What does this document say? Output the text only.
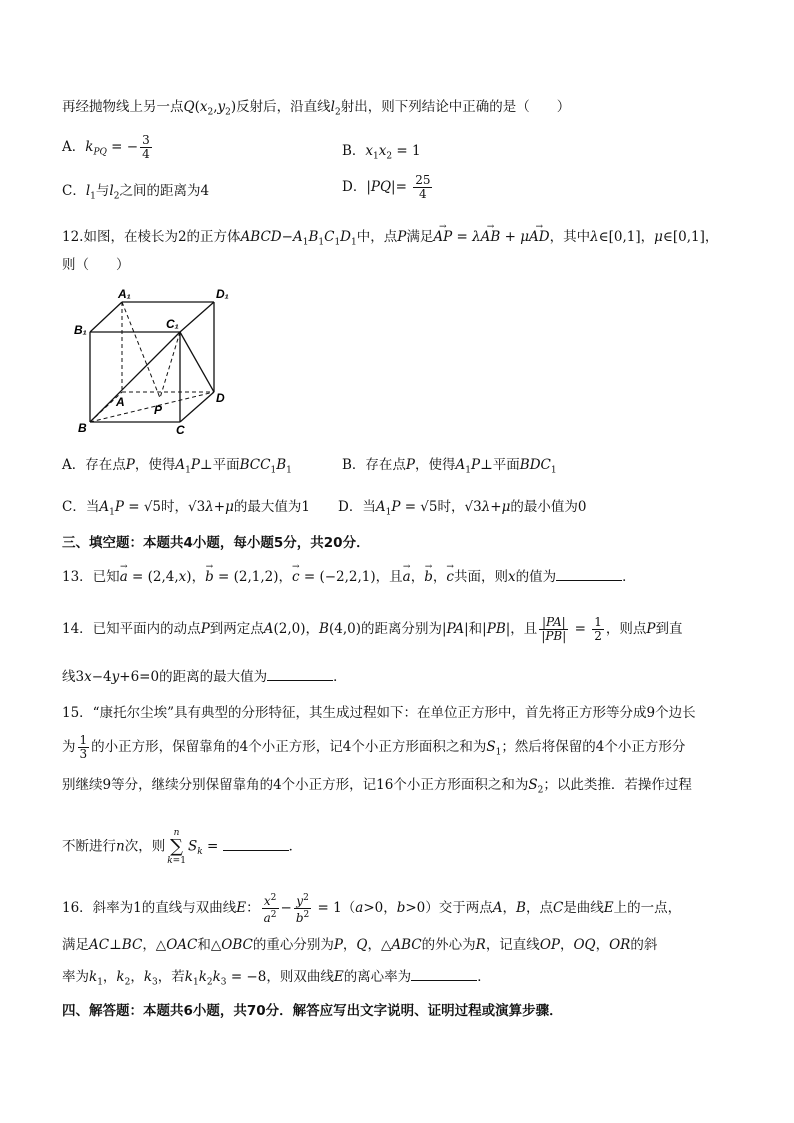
再经抛物线上另一点$Q(x_2,y_2)$反射后，沿直线$l_2$射出，则下列结论中正确的是（　　）
A．$k_{PQ}$ = − $\frac{3}{4}$	B．$x_1x_2 = 1$
C．$l_1$与$l_2$之间的距离为4	D．$|PQ|= \frac{25}{4}$
12.如图，在棱长为2的正方体$ABCD-A_1B_1C_1D_1$中，点P满足→ AP = λ→ AB + μ→ AD，其中λ∈[0,1]，μ∈[0,1]，
则（　　）
A₁	D₁
B₁	C₁
A
P
D
B	C
A．存在点P，使得$A_1P\perp$平面$BCC_1B_1$	B．存在点P，使得$A_1P\perp$平面$BDC_1$
C．当$A_1P = √5$时，√3λ+μ的最大值为1 D．当$A_1P = √5$时，√3λ+μ的最小值为0
三、填空题：本题共4小题，每小题5分，共20分．
13．已知→ a = (2,4,x)，→ b = (2,1,2)，→ c = (−2,2,1)，且→ a，→ b，→ c共面，则x的值为	．
14．已知平面内的动点P到两定点A(2,0)，B(4,0)的距离分别为|PA|和|PB|，且 $\frac{|PA|}{|PB|} = \frac{1}{2}$ ，则点P到直
线3x−4y+6=0的距离的最大值为	．
15．“康托尔尘埃”具有典型的分形特征，其生成过程如下：在单位正方形中，首先将正方形等分成9个边长
为 $\frac{1}{3}$ 的小正方形，保留靠角的4个小正方形，记4个小正方形面积之和为$S_1$；然后将保留的4个小正方形分
别继续9等分，继续分别保留靠角的4个小正方形，记16个小正方形面积之和为$S_2$；以此类推．若操作过程
不断进行n次，则n
∑
$k=1S_k$ =	．
16．斜率为1的直线与双曲线E： $\frac{x^2}{a^2} - \frac{y^2}{b^2} = 1(a>0$，b>0）交于两点A，B，点C是曲线E上的一点，
满足AC⊥BC，△OAC和△OBC的重心分别为P，Q，△ABC的外心为R，记直线OP，OQ，OR的斜
率为$k_1$，$k_2$，$k_3$，若$k_1k_2k_3 = -8$，则双曲线E的离心率为	．
四、解答题：本题共6小题，共70分．解答应写出文字说明、证明过程或演算步骤．
